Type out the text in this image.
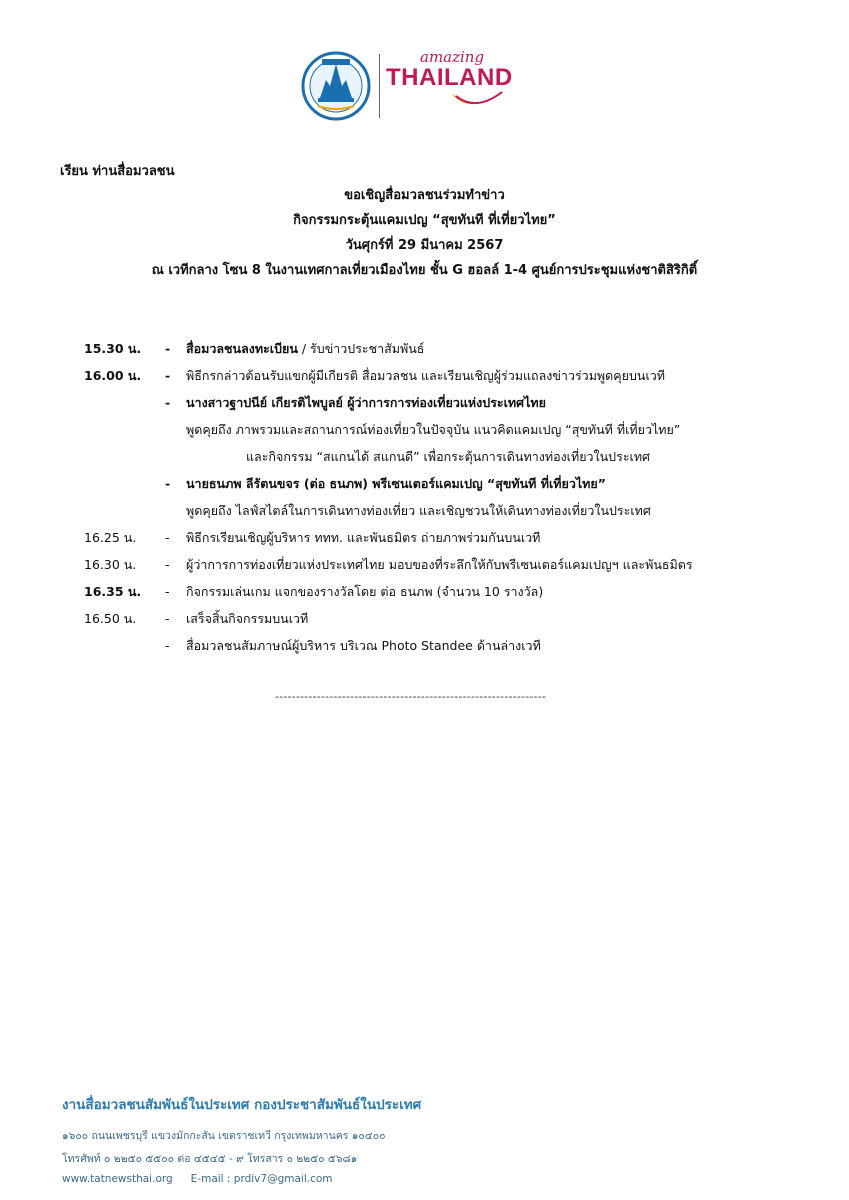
amazing
THAILAND
เรียน ท่านสื่อมวลชน
ขอเชิญสื่อมวลชนร่วมทำข่าว
กิจกรรมกระตุ้นแคมเปญ “สุขทันที ที่เที่ยวไทย”
วันศุกร์ที่ 29 มีนาคม 2567
ณ เวทีกลาง โซน 8 ในงานเทศกาลเที่ยวเมืองไทย ชั้น G ฮอลล์ 1-4 ศูนย์การประชุมแห่งชาติสิริกิติ์
15.30 น. - สื่อมวลชนลงทะเบียน / รับข่าวประชาสัมพันธ์
16.00 น. - พิธีกรกล่าวต้อนรับแขกผู้มีเกียรติ สื่อมวลชน และเรียนเชิญผู้ร่วมแถลงข่าวร่วมพูดคุยบนเวที
- นางสาวฐาปนีย์ เกียรติไพบูลย์ ผู้ว่าการการท่องเที่ยวแห่งประเทศไทย
พูดคุยถึง ภาพรวมและสถานการณ์ท่องเที่ยวในปัจจุบัน แนวคิดแคมเปญ “สุขทันที ที่เที่ยวไทย”
และกิจกรรม “สแกนได้ สแกนดี” เพื่อกระตุ้นการเดินทางท่องเที่ยวในประเทศ
- นายธนภพ ลีรัตนขจร (ต่อ ธนภพ) พรีเซนเตอร์แคมเปญ “สุขทันที ที่เที่ยวไทย”
พูดคุยถึง ไลฟ์สไตล์ในการเดินทางท่องเที่ยว และเชิญชวนให้เดินทางท่องเที่ยวในประเทศ
16.25 น. - พิธีกรเรียนเชิญผู้บริหาร ททท. และพันธมิตร ถ่ายภาพร่วมกันบนเวที
16.30 น. - ผู้ว่าการการท่องเที่ยวแห่งประเทศไทย มอบของที่ระลึกให้กับพรีเซนเตอร์แคมเปญฯ และพันธมิตร
16.35 น. - กิจกรรมเล่นเกม แจกของรางวัลโดย ต่อ ธนภพ (จำนวน 10 รางวัล)
16.50 น. - เสร็จสิ้นกิจกรรมบนเวที
- สื่อมวลชนสัมภาษณ์ผู้บริหาร บริเวณ Photo Standee ด้านล่างเวที
-----------------------------------------------------------------
งานสื่อมวลชนสัมพันธ์ในประเทศ กองประชาสัมพันธ์ในประเทศ
๑๖๐๐ ถนนเพชรบุรี แขวงมักกะสัน เขตราชเทวี กรุงเทพมหานคร ๑๐๔๐๐
โทรศัพท์ ๐ ๒๒๕๐ ๕๕๐๐ ต่อ ๔๕๔๕ - ๙ โทรสาร ๐ ๒๒๕๐ ๕๖๘๑
www.tatnewsthai.org E-mail : prdiv7@gmail.com
